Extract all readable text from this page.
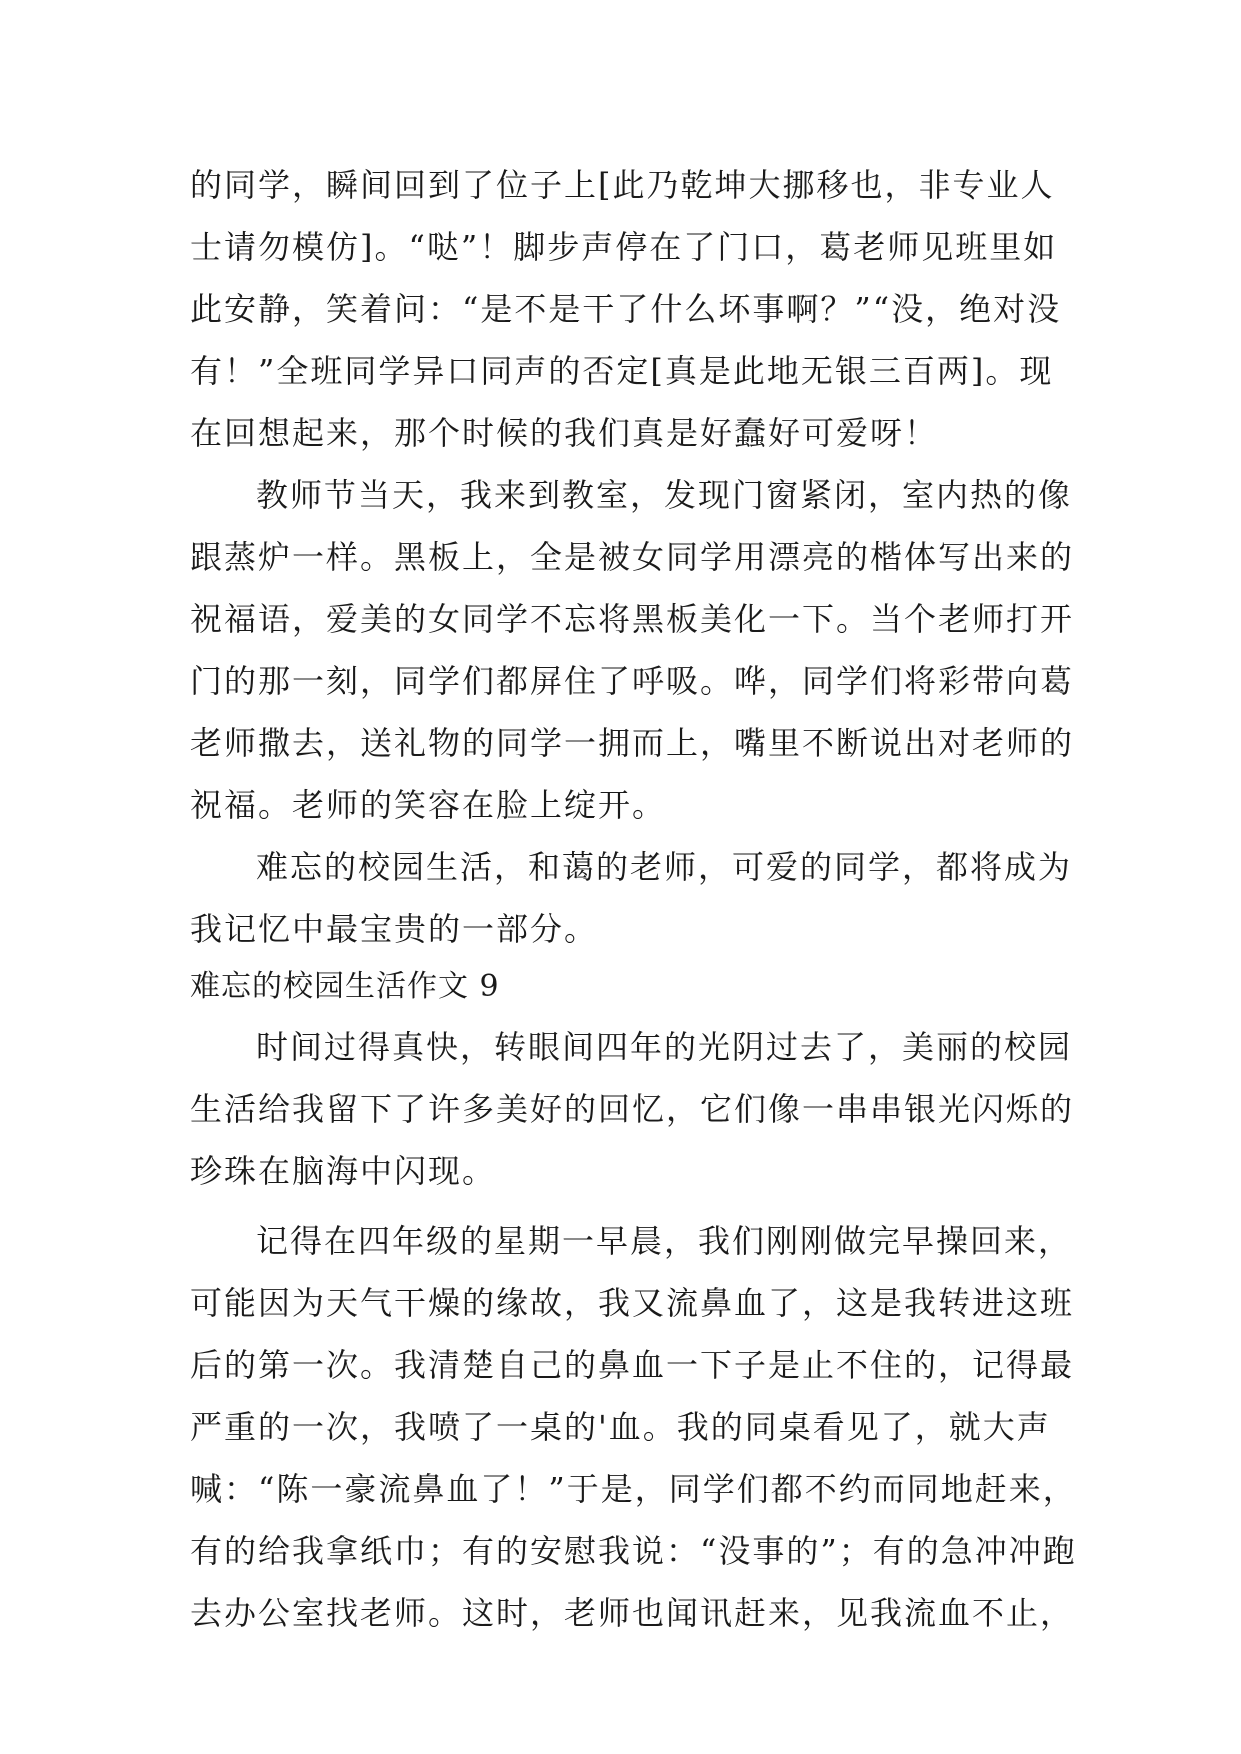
的同学，瞬间回到了位子上[此乃乾坤大挪移也，非专业人
士请勿模仿]。“哒”！脚步声停在了门口，葛老师见班里如
此安静，笑着问：“是不是干了什么坏事啊？”“没，绝对没
有！”全班同学异口同声的否定[真是此地无银三百两]。现
在回想起来，那个时候的我们真是好蠢好可爱呀！
教师节当天，我来到教室，发现门窗紧闭，室内热的像
跟蒸炉一样。黑板上，全是被女同学用漂亮的楷体写出来的
祝福语，爱美的女同学不忘将黑板美化一下。当个老师打开
门的那一刻，同学们都屏住了呼吸。哗，同学们将彩带向葛
老师撒去，送礼物的同学一拥而上，嘴里不断说出对老师的
祝福。老师的笑容在脸上绽开。
难忘的校园生活，和蔼的老师，可爱的同学，都将成为
我记忆中最宝贵的一部分。
难忘的校园生活作文 9
时间过得真快，转眼间四年的光阴过去了，美丽的校园
生活给我留下了许多美好的回忆，它们像一串串银光闪烁的
珍珠在脑海中闪现。
记得在四年级的星期一早晨，我们刚刚做完早操回来，
可能因为天气干燥的缘故，我又流鼻血了，这是我转进这班
后的第一次。我清楚自己的鼻血一下子是止不住的，记得最
严重的一次，我喷了一桌的'血。我的同桌看见了，就大声
喊：“陈一豪流鼻血了！”于是，同学们都不约而同地赶来，
有的给我拿纸巾；有的安慰我说：“没事的”；有的急冲冲跑
去办公室找老师。这时，老师也闻讯赶来，见我流血不止，
